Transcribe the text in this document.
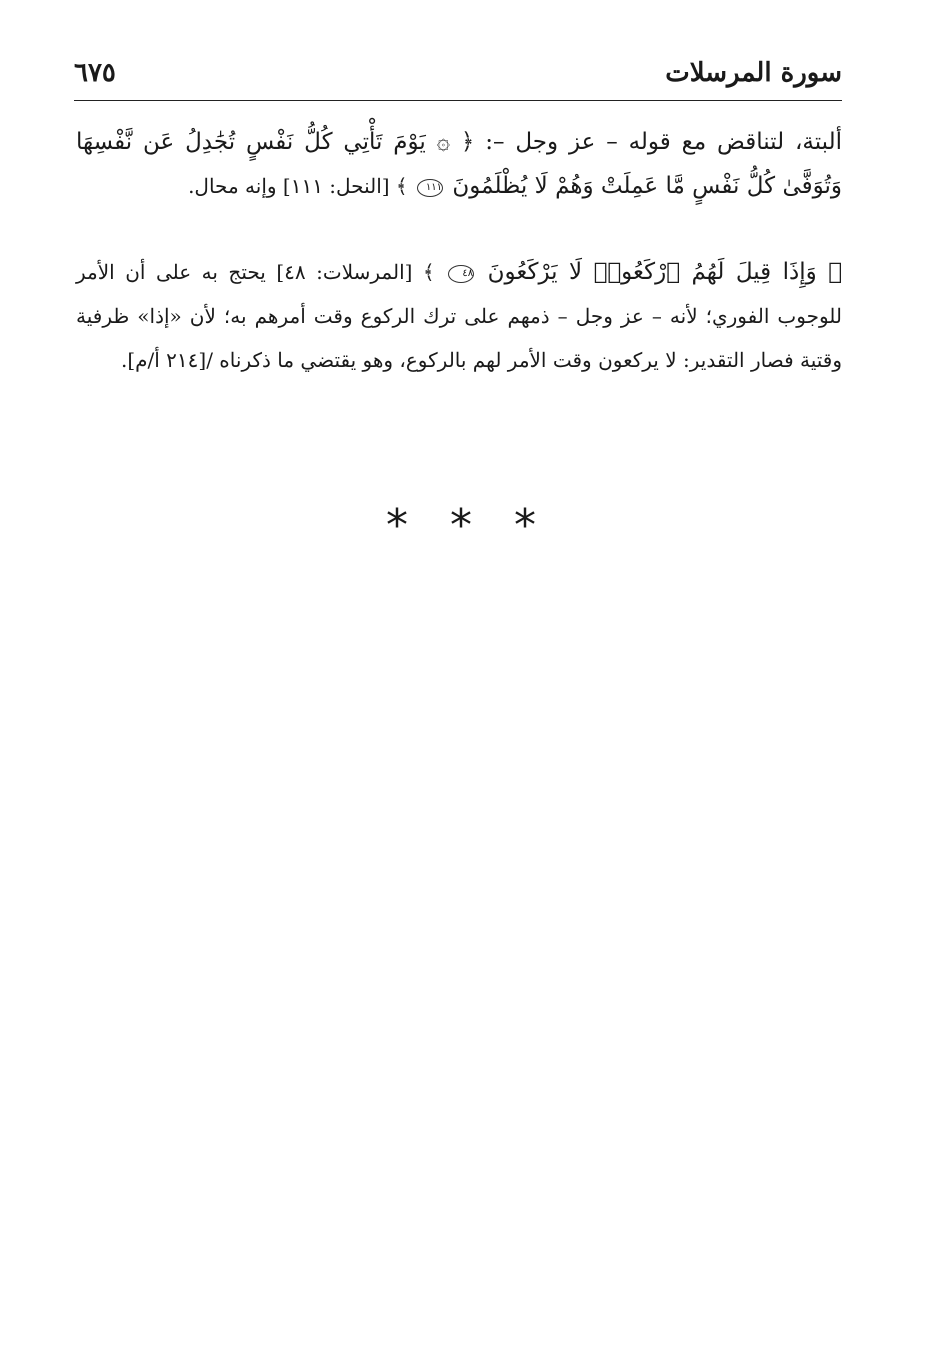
سورة المرسلات
٦٧٥
ألبتة، لتناقض مع قوله – عز وجل –: ﴿ ۞ يَوْمَ تَأْتِي كُلُّ نَفْسٍ تُجَٰدِلُ عَن نَّفْسِهَا وَتُوَفَّىٰ كُلُّ نَفْسٍ مَّا عَمِلَتْ وَهُمْ لَا يُظْلَمُونَ ١١١ ﴾ [النحل: ١١١] وإنه محال.
﴿ وَإِذَا قِيلَ لَهُمُ ٱرْكَعُوا۟ لَا يَرْكَعُونَ ٤٨ ﴾ [المرسلات: ٤٨] يحتج به على أن الأمر للوجوب الفوري؛ لأنه – عز وجل – ذمهم على ترك الركوع وقت أمرهم به؛ لأن «إذا» ظرفية وقتية فصار التقدير: لا يركعون وقت الأمر لهم بالركوع، وهو يقتضي ما ذكرناه /[٢١٤ أ/م].
* * *
